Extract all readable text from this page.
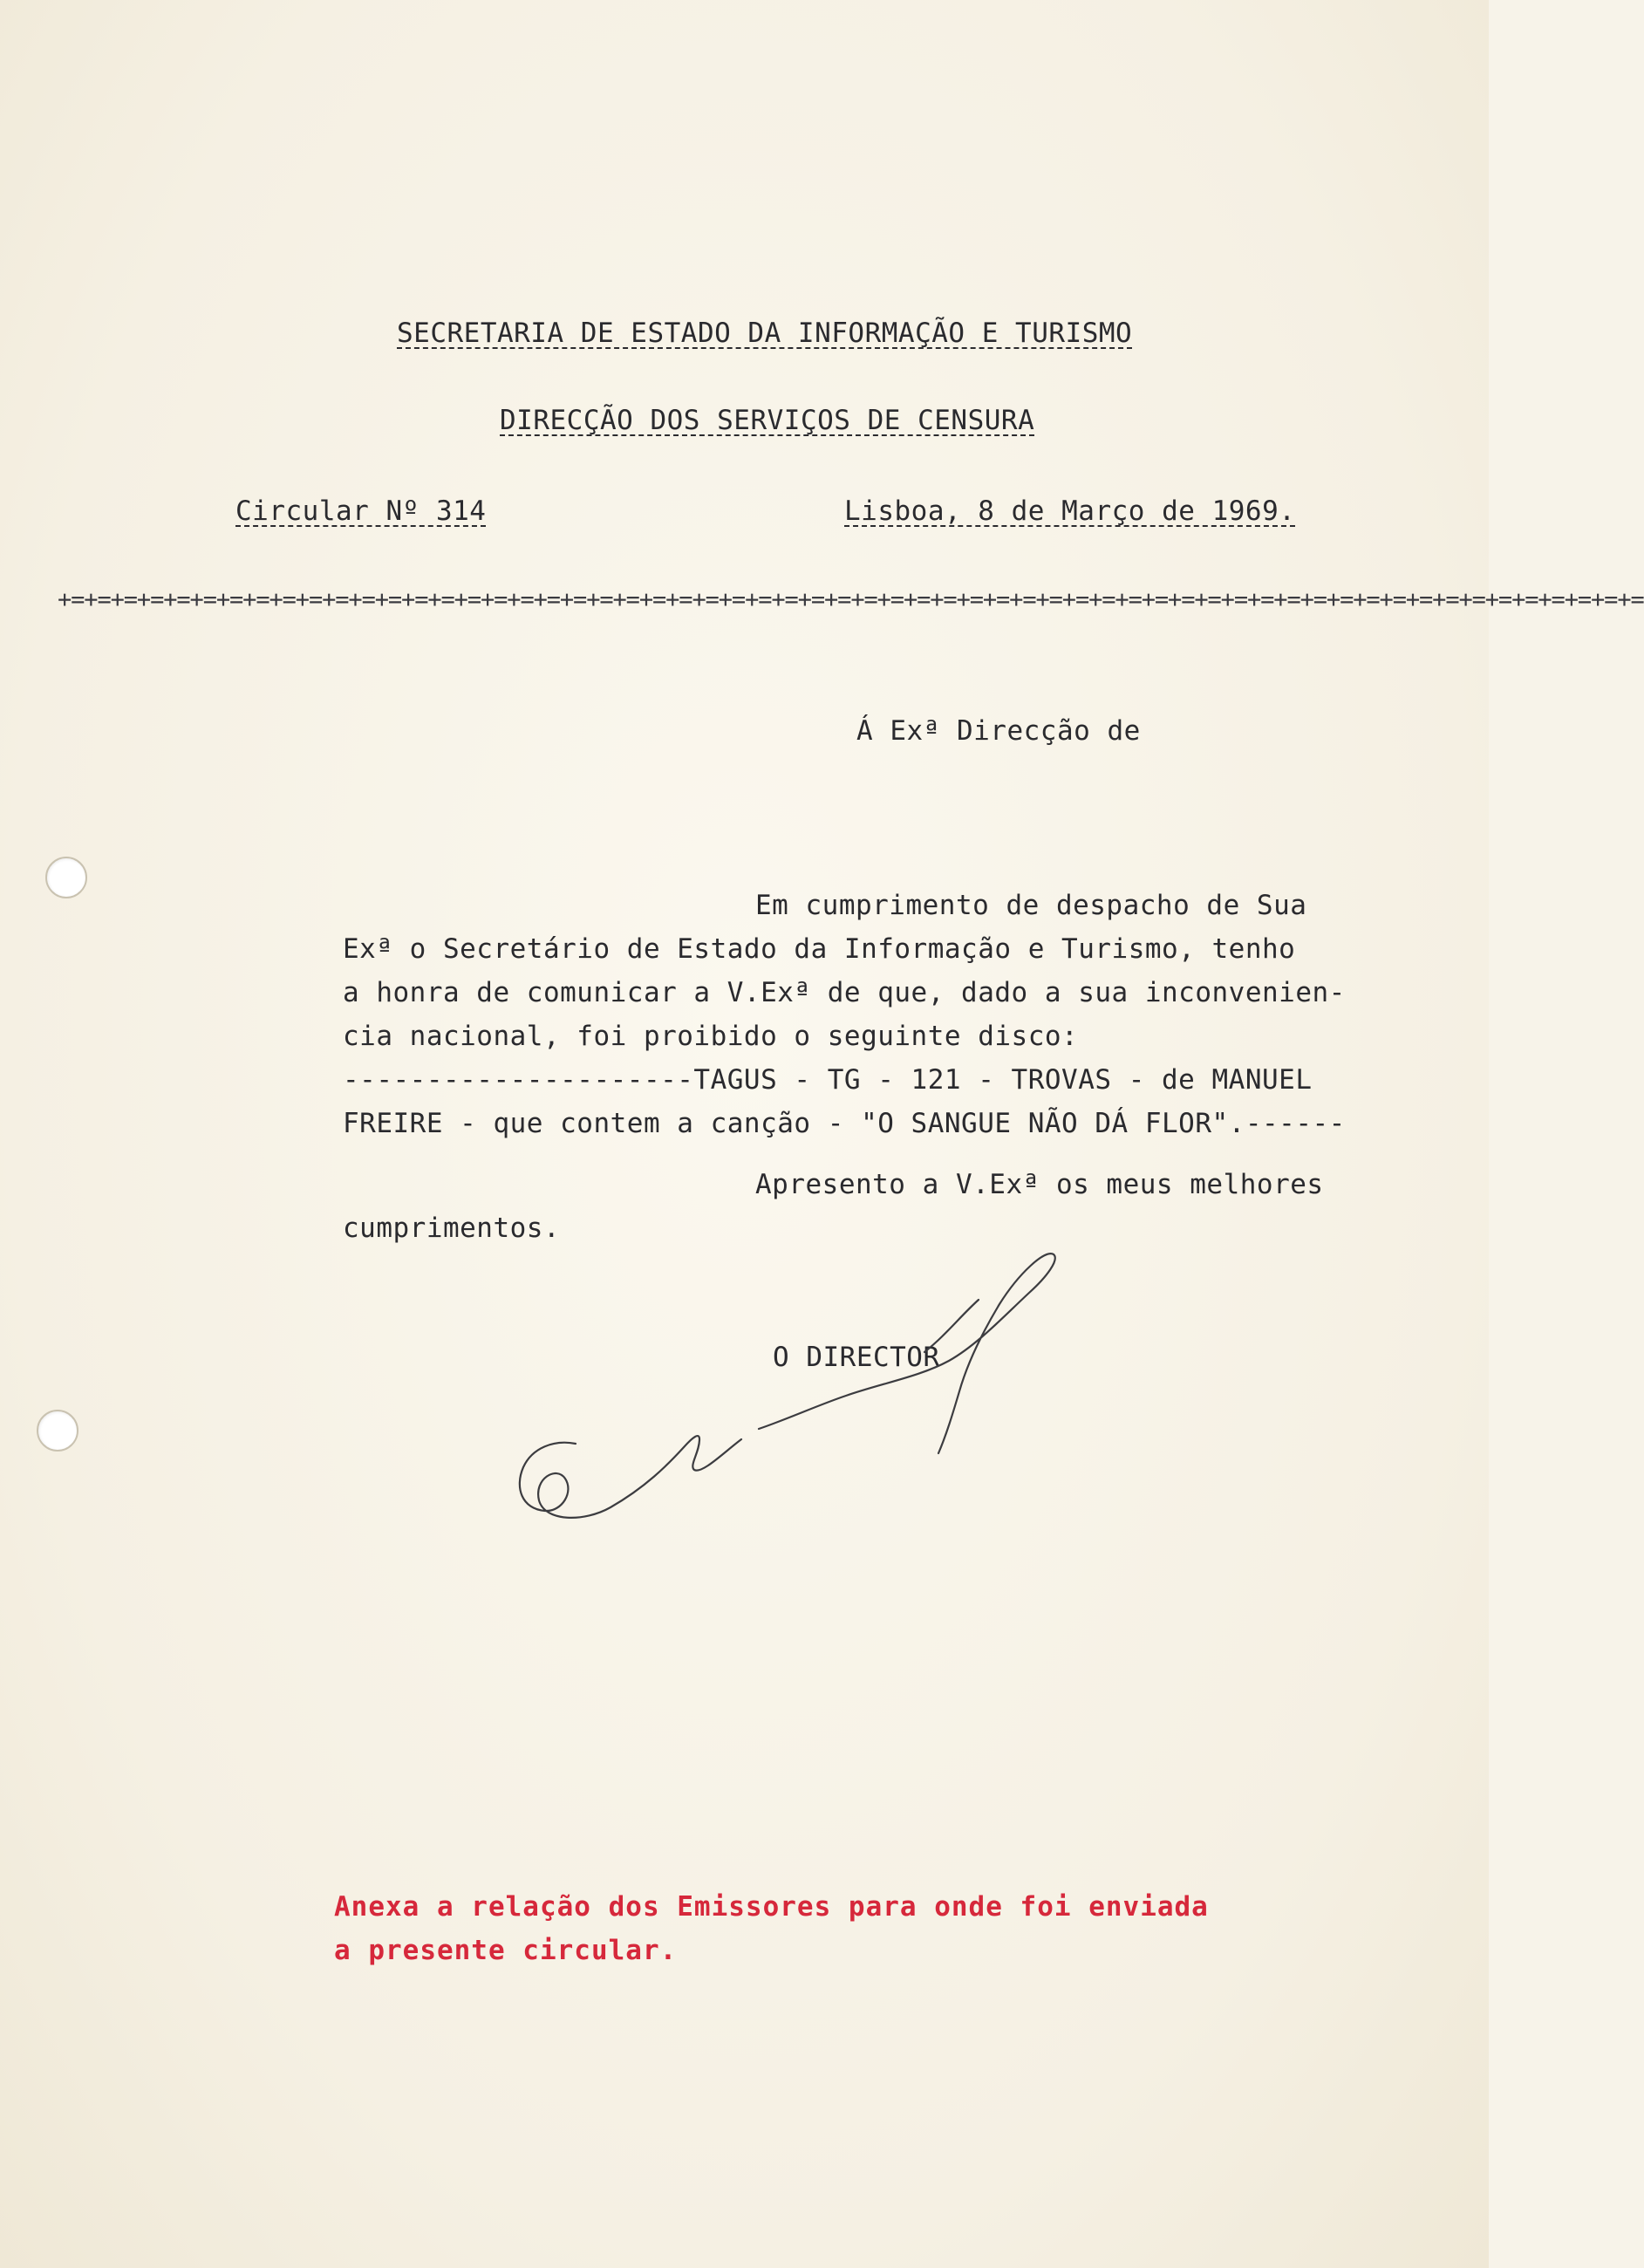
SECRETARIA DE ESTADO DA INFORMAÇÃO E TURISMO
DIRECÇÃO DOS SERVIÇOS DE CENSURA
Circular Nº 314	Lisboa, 8 de Março de 1969.
+=+=+=+=+=+=+=+=+=+=+=+=+=+=+=+=+=+=+=+=+=+=+=+=+=+=+=+=+=+=+=+=+=+=+=+=+=+=+=+=+=+=+=+=+=+=+=+=+=+=+=+=+=+=+=+=+=+=+=+=
Á Exª Direcção de
Em cumprimento de despacho de Sua
Exª o Secretário de Estado da Informação e Turismo, tenho
a honra de comunicar a V.Exª de que, dado a sua inconvenien-
cia nacional, foi proibido o seguinte disco:
---------------------TAGUS - TG - 121 - TROVAS - de MANUEL
FREIRE - que contem a canção - "O SANGUE NÃO DÁ FLOR".------
Apresento a V.Exª os meus melhores
cumprimentos.
O DIRECTOR
Anexa a relação dos Emissores para onde foi enviada
a presente circular.
